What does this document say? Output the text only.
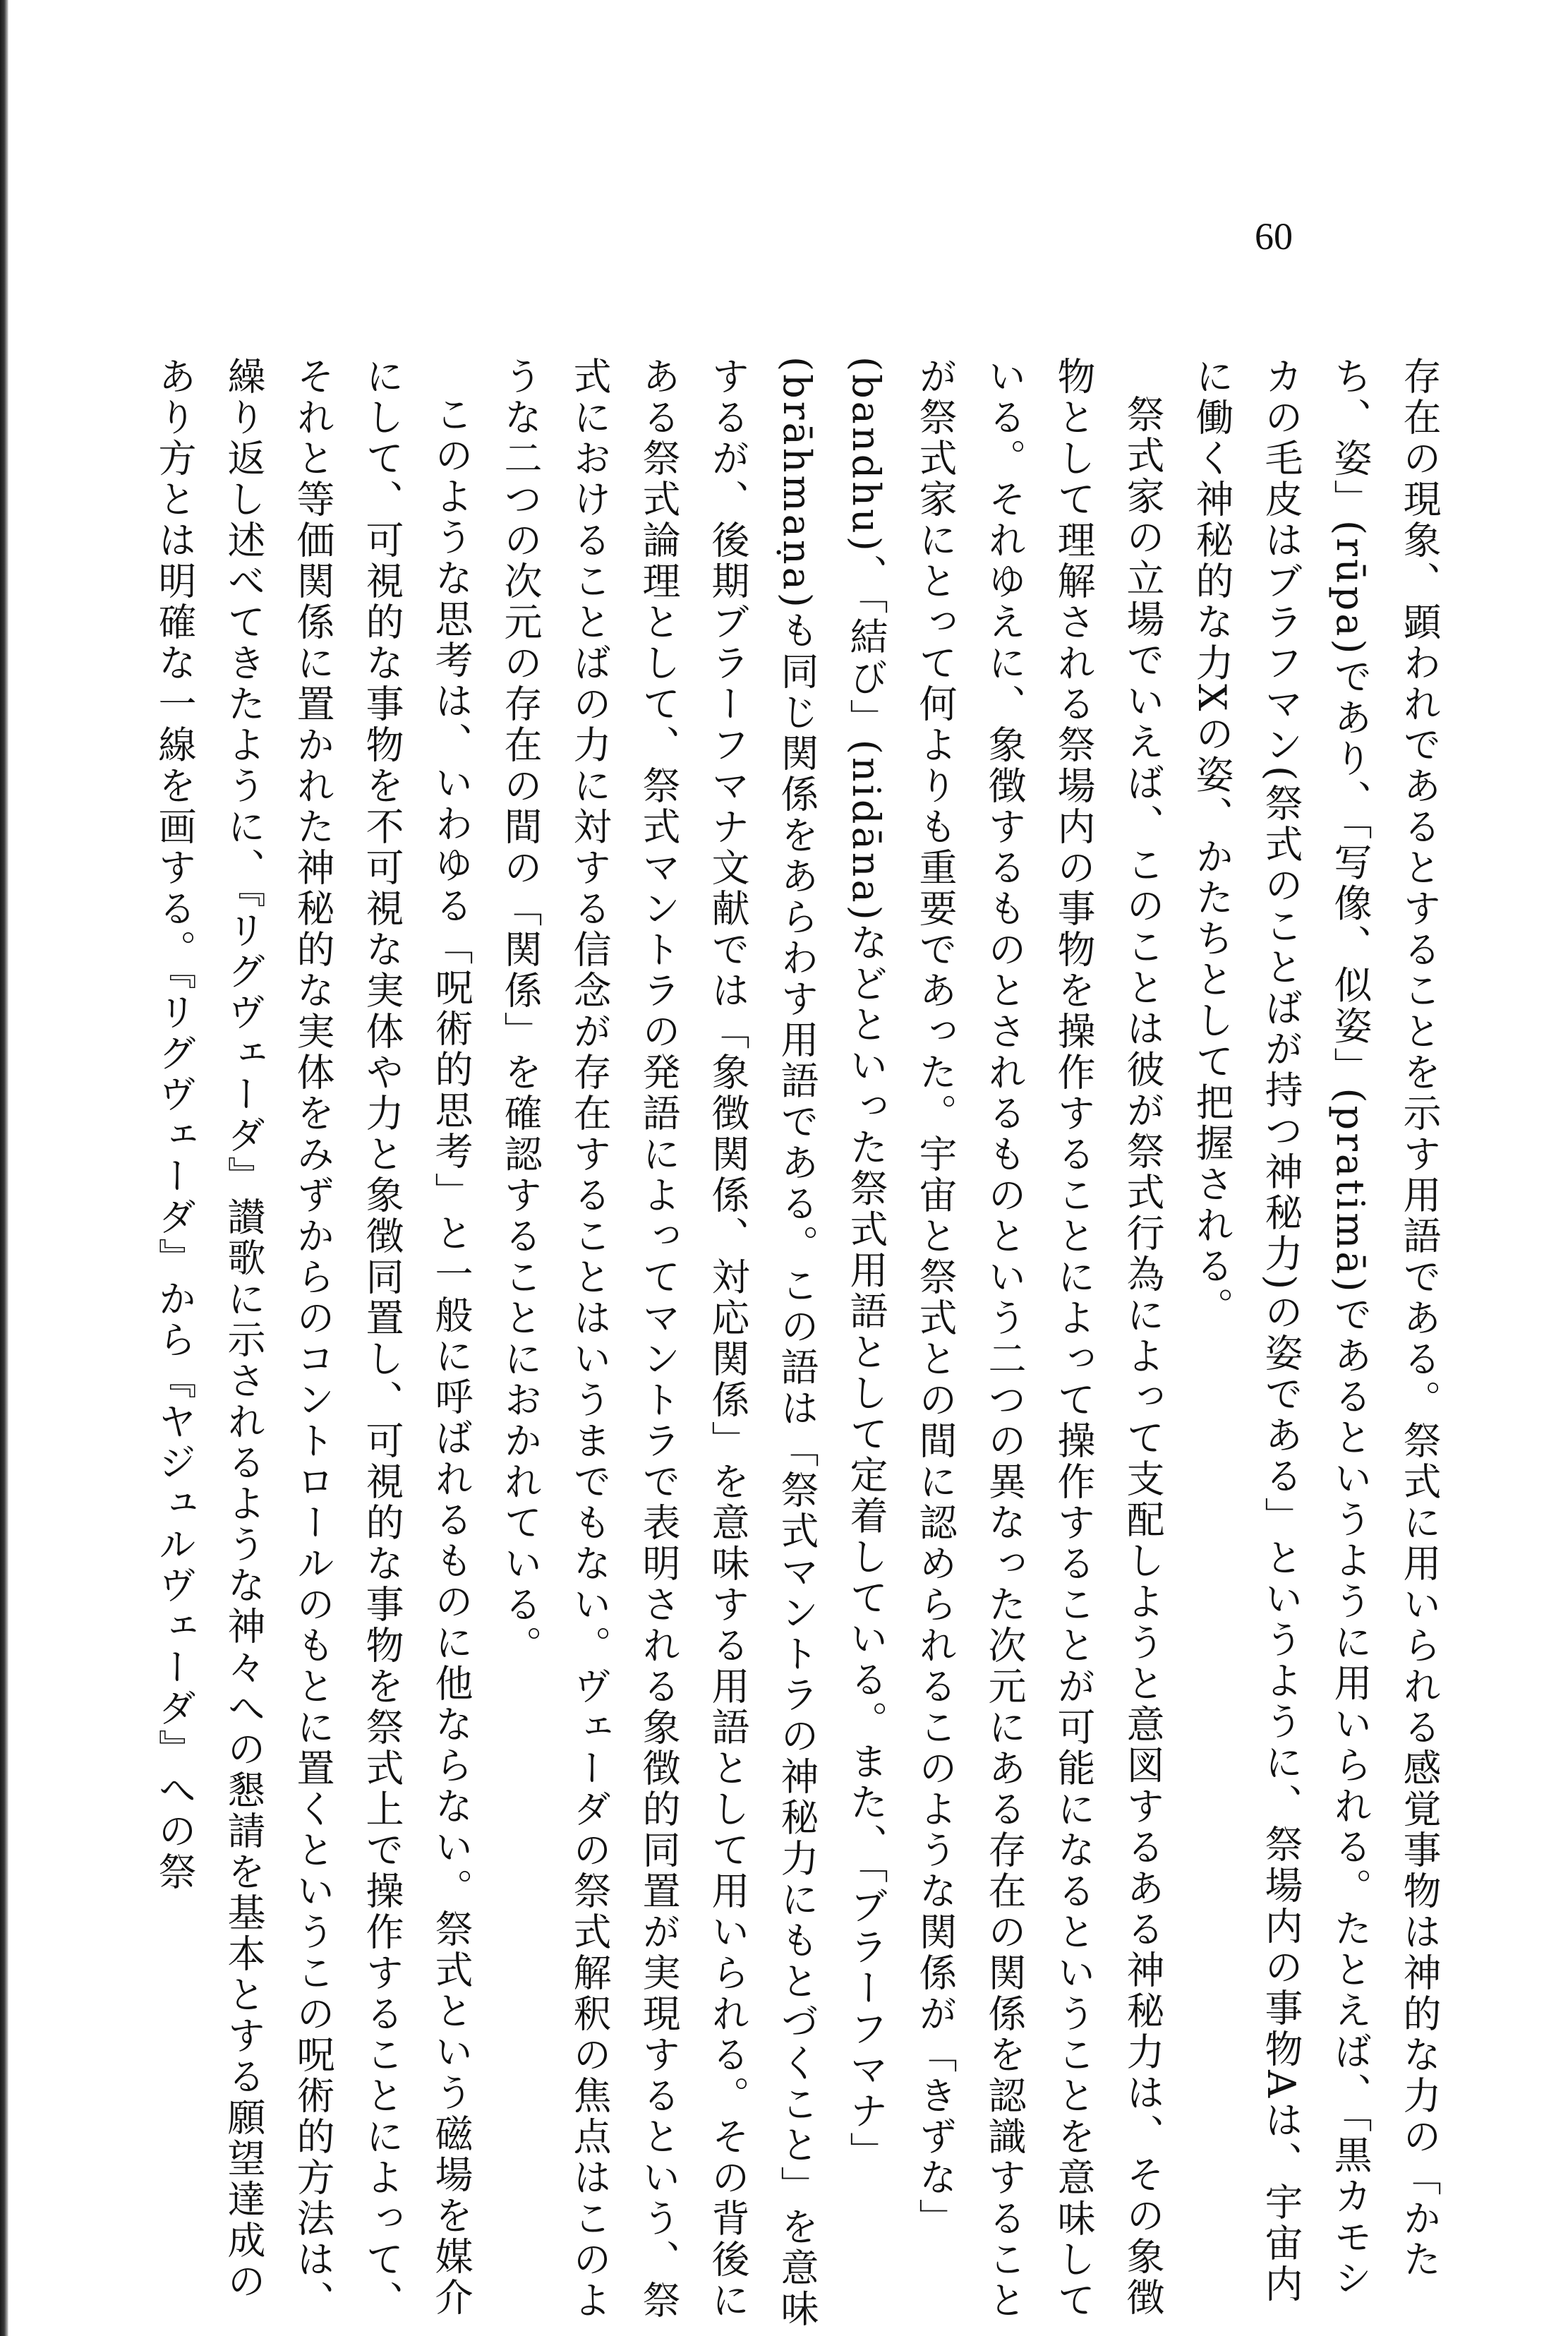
60

存在の現象、顕われであるとすることを示す用語である。祭式に用いられる感覚事物は神的な力の「かたち、姿」(rūpa)であり、「写像、似姿」(pratimā)であるというように用いられる。たとえば、「黒カモシカの毛皮はブラフマン(祭式のことばが持つ神秘力)の姿である」というように、祭場内の事物Aは、宇宙内に働く神秘的な力Xの姿、かたちとして把握される。

祭式家の立場でいえば、このことは彼が祭式行為によって支配しようと意図するある神秘力は、その象徴物として理解される祭場内の事物を操作することによって操作することが可能になるということを意味している。それゆえに、象徴するものとされるものという二つの異なった次元にある存在の関係を認識することが祭式家にとって何よりも重要であった。宇宙と祭式との間に認められるこのような関係が「きずな」(bandhu)、「結び」(nidāna)などといった祭式用語として定着している。また、「ブラーフマナ」(brāhmaṇa)も同じ関係をあらわす用語である。この語は「祭式マントラの神秘力にもとづくこと」を意味するが、後期ブラーフマナ文献では「象徴関係、対応関係」を意味する用語として用いられる。その背後にある祭式論理として、祭式マントラの発語によってマントラで表明される象徴的同置が実現するという、祭式におけることばの力に対する信念が存在することはいうまでもない。ヴェーダの祭式解釈の焦点はこのような二つの次元の存在の間の「関係」を確認することにおかれている。

このような思考は、いわゆる「呪術的思考」と一般に呼ばれるものに他ならない。祭式という磁場を媒介にして、可視的な事物を不可視な実体や力と象徴同置し、可視的な事物を祭式上で操作することによって、それと等価関係に置かれた神秘的な実体をみずからのコントロールのもとに置くというこの呪術的方法は、繰り返し述べてきたように、『リグヴェーダ』讃歌に示されるような神々への懇請を基本とする願望達成のあり方とは明確な一線を画する。『リグヴェーダ』から『ヤジュルヴェーダ』への祭
